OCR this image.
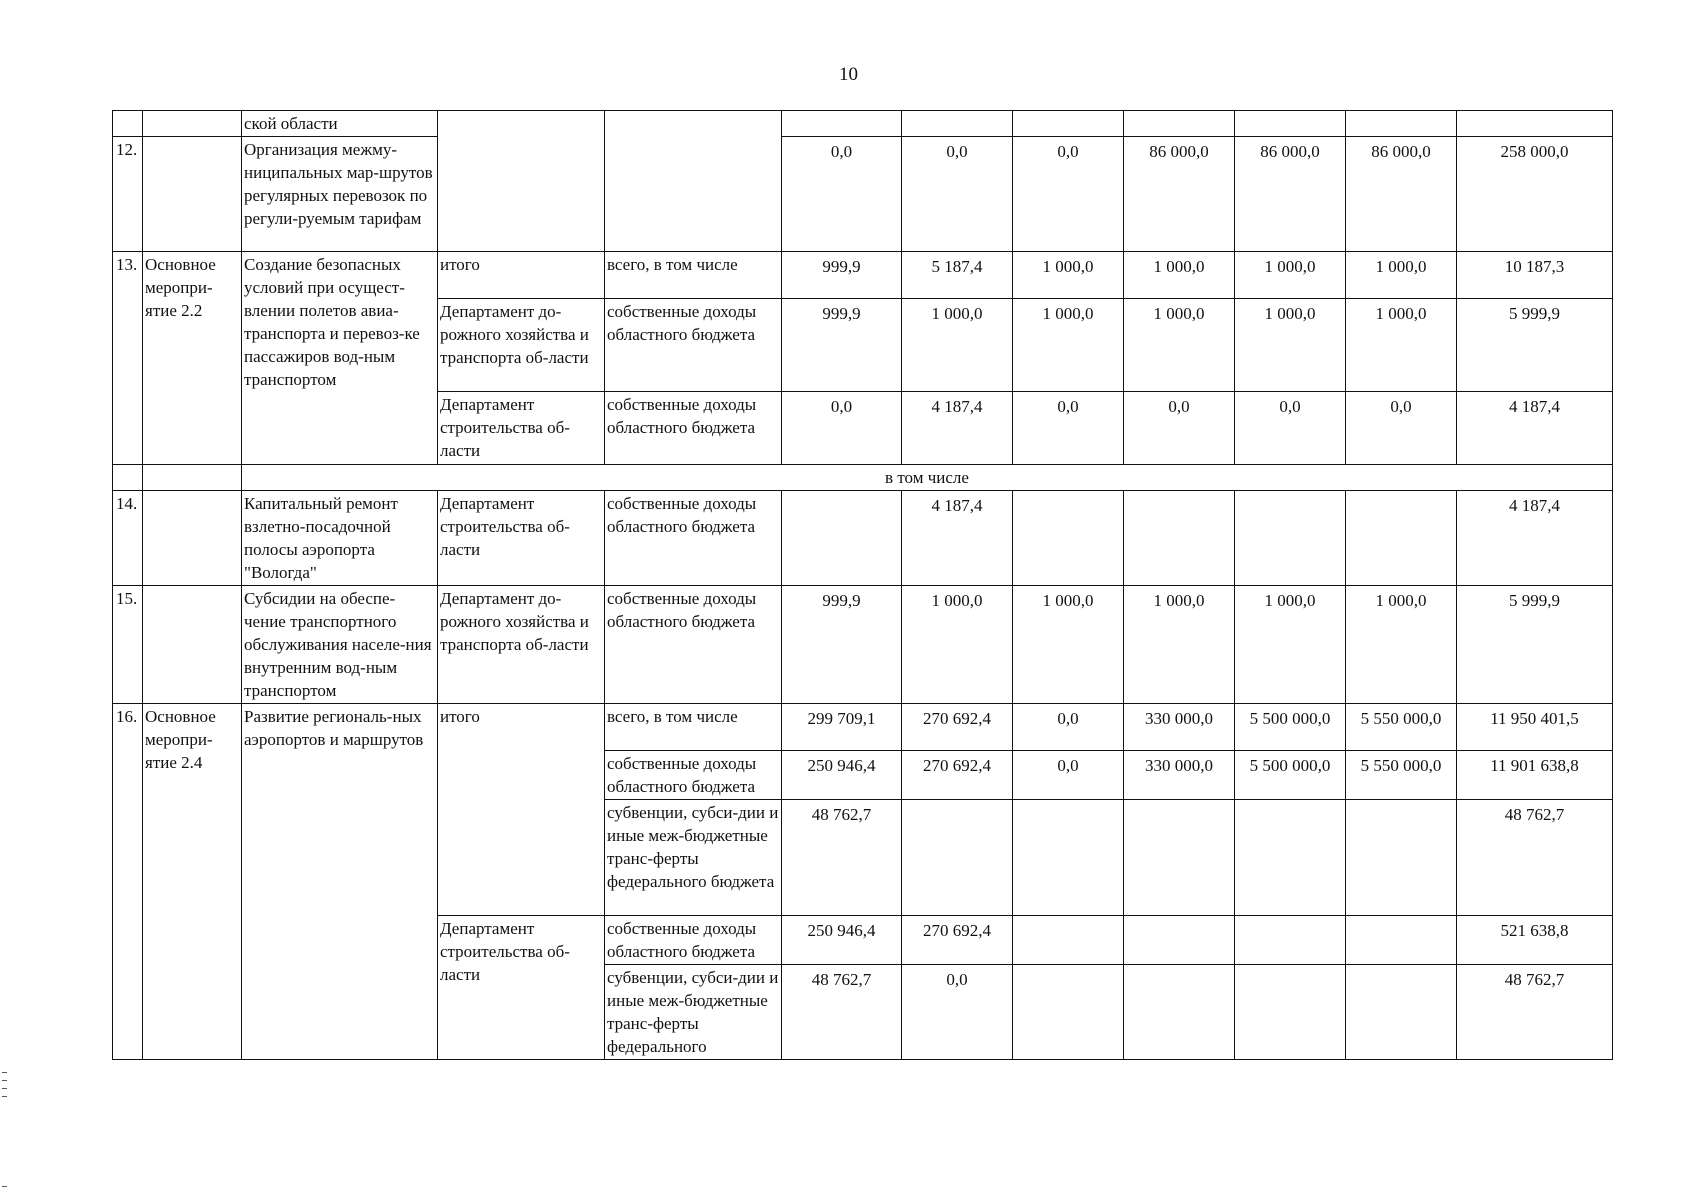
10
		ской области									
12.		Организация межму-ниципальных мар-шрутов регулярных перевозок по регули-руемым тарифам			0,0	0,0	0,0	86 000,0	86 000,0	86 000,0	258 000,0
13.	Основное меропри-ятие 2.2	Создание безопасных условий при осущест-влении полетов авиа-транспорта и перевоз-ке пассажиров вод-ным транспортом	итого	всего, в том числе	999,9	5 187,4	1 000,0	1 000,0	1 000,0	1 000,0	10 187,3
			Департамент до-рожного хозяйства и транспорта об-ласти	собственные доходы областного бюджета	999,9	1 000,0	1 000,0	1 000,0	1 000,0	1 000,0	5 999,9
			Департамент строительства об-ласти	собственные доходы областного бюджета	0,0	4 187,4	0,0	0,0	0,0	0,0	4 187,4
		в том числе									
14.		Капитальный ремонт взлетно-посадочной полосы аэропорта "Вологда"	Департамент строительства об-ласти	собственные доходы областного бюджета		4 187,4					4 187,4
15.		Субсидии на обеспе-чение транспортного обслуживания населе-ния внутренним вод-ным транспортом	Департамент до-рожного хозяйства и транспорта об-ласти	собственные доходы областного бюджета	999,9	1 000,0	1 000,0	1 000,0	1 000,0	1 000,0	5 999,9
16.	Основное меропри-ятие 2.4	Развитие региональ-ных аэропортов и маршрутов	итого	всего, в том числе	299 709,1	270 692,4	0,0	330 000,0	5 500 000,0	5 550 000,0	11 950 401,5
				собственные доходы областного бюджета	250 946,4	270 692,4	0,0	330 000,0	5 500 000,0	5 550 000,0	11 901 638,8
				субвенции, субси-дии и иные меж-бюджетные транс-ферты федерального бюджета	48 762,7						48 762,7
			Департамент строительства об-ласти	собственные доходы областного бюджета	250 946,4	270 692,4					521 638,8
				субвенции, субси-дии и иные меж-бюджетные транс-ферты федерального	48 762,7	0,0					48 762,7
